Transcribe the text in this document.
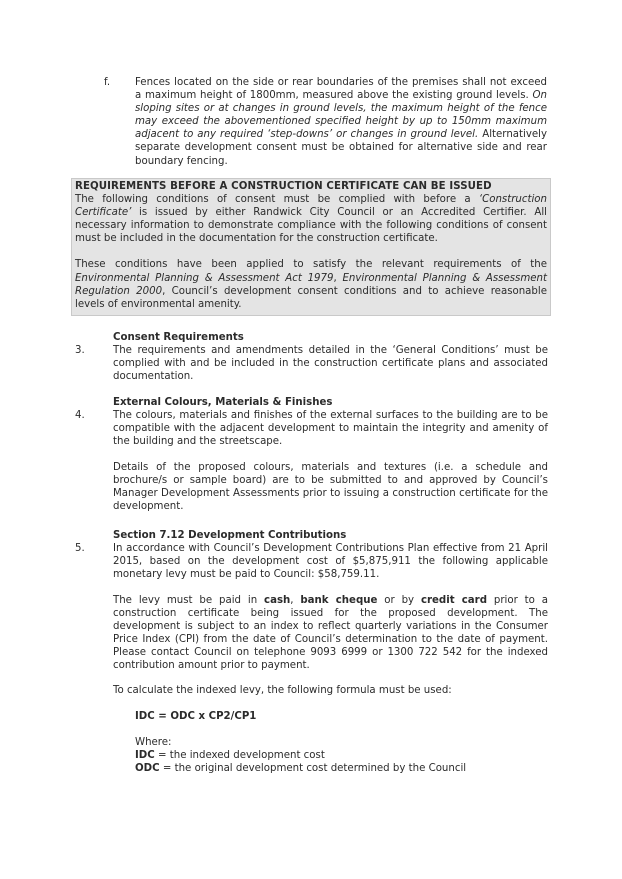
f. Fences located on the side or rear boundaries of the premises shall not exceed a maximum height of 1800mm, measured above the existing ground levels. On sloping sites or at changes in ground levels, the maximum height of the fence may exceed the abovementioned specified height by up to 150mm maximum adjacent to any required ‘step-downs’ or changes in ground level. Alternatively separate development consent must be obtained for alternative side and rear boundary fencing.

REQUIREMENTS BEFORE A CONSTRUCTION CERTIFICATE CAN BE ISSUED

The following conditions of consent must be complied with before a ‘Construction Certificate’ is issued by either Randwick City Council or an Accredited Certifier. All necessary information to demonstrate compliance with the following conditions of consent must be included in the documentation for the construction certificate.

These conditions have been applied to satisfy the relevant requirements of the Environmental Planning & Assessment Act 1979, Environmental Planning & Assessment Regulation 2000, Council’s development consent conditions and to achieve reasonable levels of environmental amenity.

Consent Requirements
3.	The requirements and amendments detailed in the ‘General Conditions’ must be complied with and be included in the construction certificate plans and associated documentation.

External Colours, Materials & Finishes
4.	The colours, materials and finishes of the external surfaces to the building are to be compatible with the adjacent development to maintain the integrity and amenity of the building and the streetscape.

Details of the proposed colours, materials and textures (i.e. a schedule and brochure/s or sample board) are to be submitted to and approved by Council’s Manager Development Assessments prior to issuing a construction certificate for the development.

Section 7.12 Development Contributions
5.	In accordance with Council’s Development Contributions Plan effective from 21 April 2015, based on the development cost of $5,875,911 the following applicable monetary levy must be paid to Council: $58,759.11.

The levy must be paid in cash, bank cheque or by credit card prior to a construction certificate being issued for the proposed development. The development is subject to an index to reflect quarterly variations in the Consumer Price Index (CPI) from the date of Council’s determination to the date of payment. Please contact Council on telephone 9093 6999 or 1300 722 542 for the indexed contribution amount prior to payment.

To calculate the indexed levy, the following formula must be used:

IDC = ODC x CP2/CP1

Where:

IDC = the indexed development cost

ODC = the original development cost determined by the Council
